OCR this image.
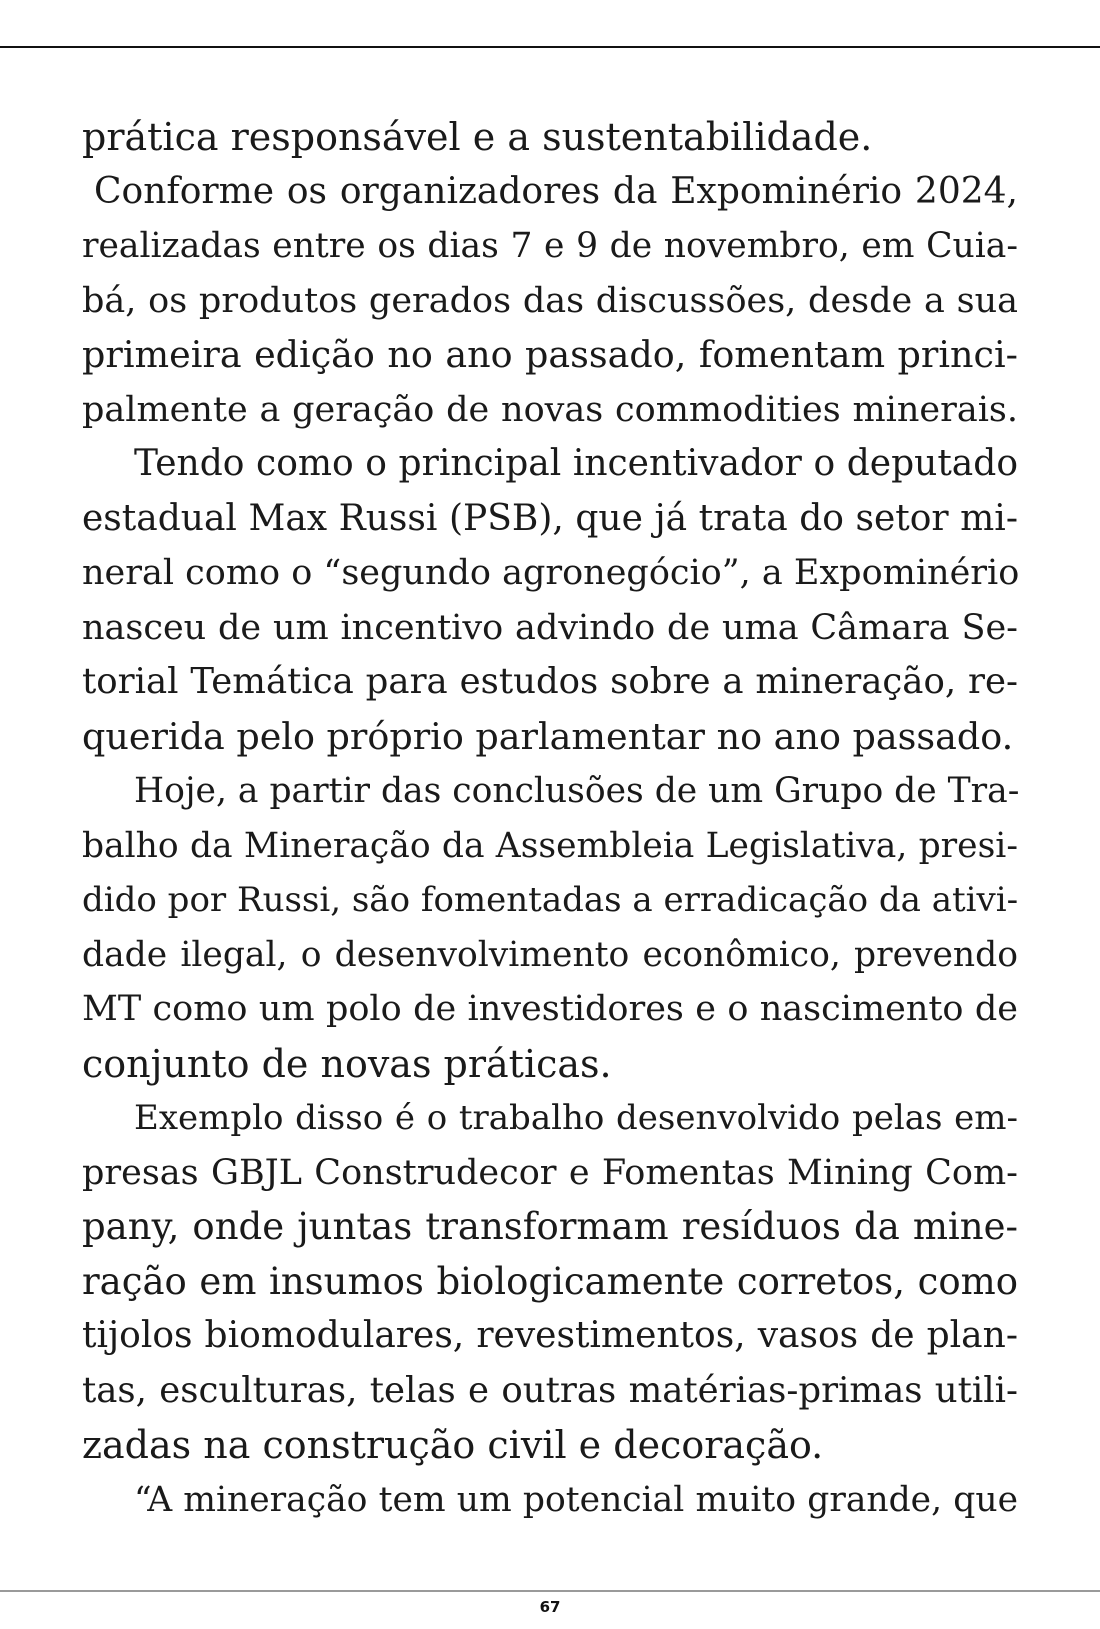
prática responsável e a sustentabilidade.
Conforme os organizadores da Expominério 2024,
realizadas entre os dias 7 e 9 de novembro, em Cuia-
bá, os produtos gerados das discussões, desde a sua
primeira edição no ano passado, fomentam princi-
palmente a geração de novas commodities minerais.
Tendo como o principal incentivador o deputado
estadual Max Russi (PSB), que já trata do setor mi-
neral como o “segundo agronegócio”, a Expominério
nasceu de um incentivo advindo de uma Câmara Se-
torial Temática para estudos sobre a mineração, re-
querida pelo próprio parlamentar no ano passado.
Hoje, a partir das conclusões de um Grupo de Tra-
balho da Mineração da Assembleia Legislativa, presi-
dido por Russi, são fomentadas a erradicação da ativi-
dade ilegal, o desenvolvimento econômico, prevendo
MT como um polo de investidores e o nascimento de
conjunto de novas práticas.
Exemplo disso é o trabalho desenvolvido pelas em-
presas GBJL Construdecor e Fomentas Mining Com-
pany, onde juntas transformam resíduos da mine-
ração em insumos biologicamente corretos, como
tijolos biomodulares, revestimentos, vasos de plan-
tas, esculturas, telas e outras matérias-primas utili-
zadas na construção civil e decoração.
“A mineração tem um potencial muito grande, que
67
